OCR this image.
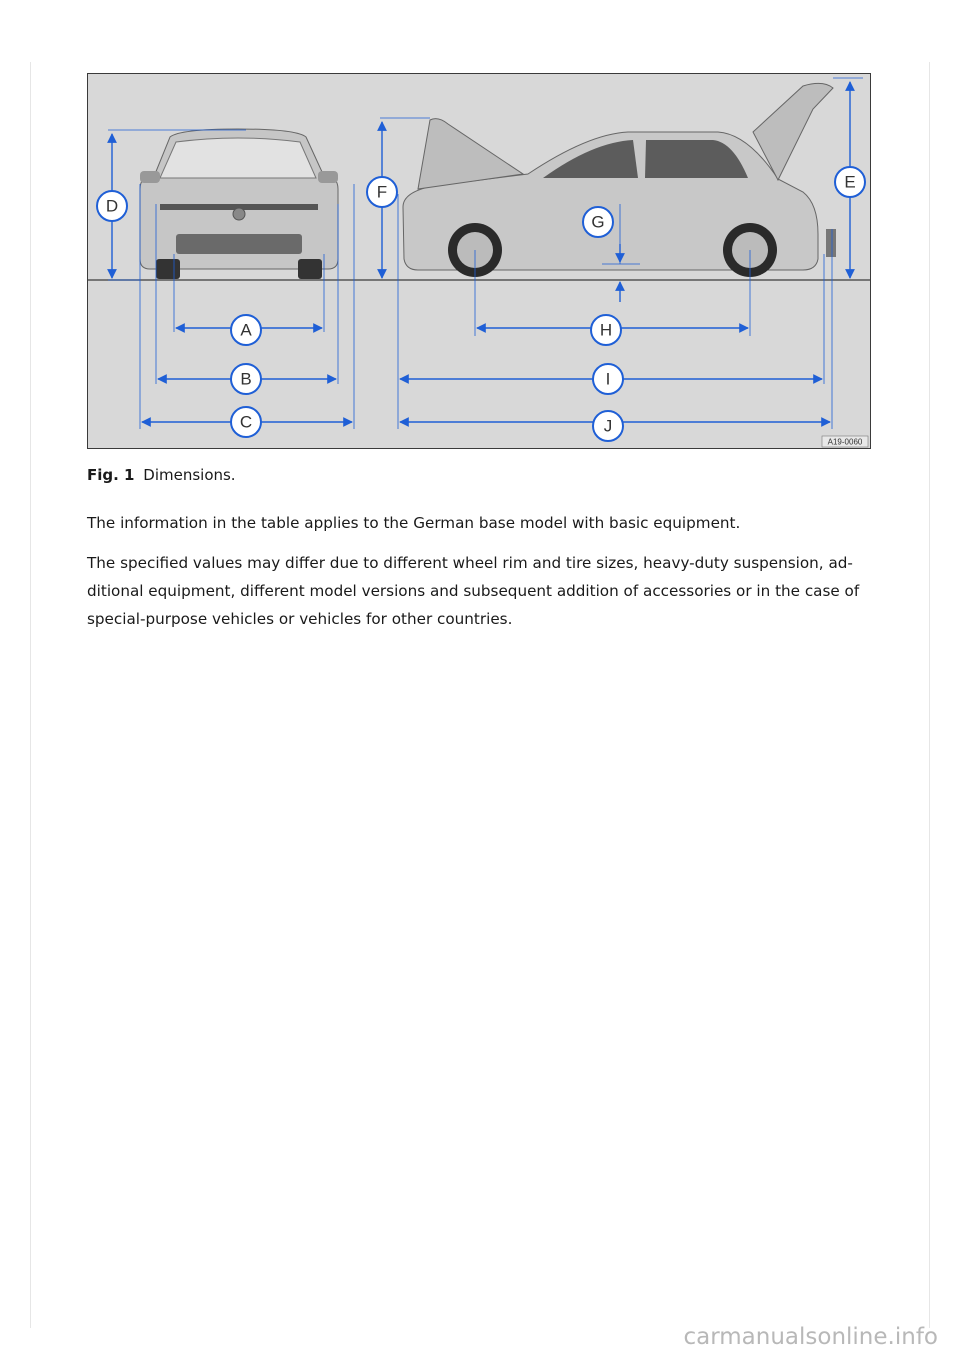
A
B
C
D
E
F
G
H
I
J
A19-0060
Fig. 1 Dimensions.
The information in the table applies to the German base model with basic equipment.
The specified values may differ due to different wheel rim and tire sizes, heavy-duty suspension, ad-ditional equipment, different model versions and subsequent addition of accessories or in the case of special-purpose vehicles or vehicles for other countries.
carmanualsonline.info
